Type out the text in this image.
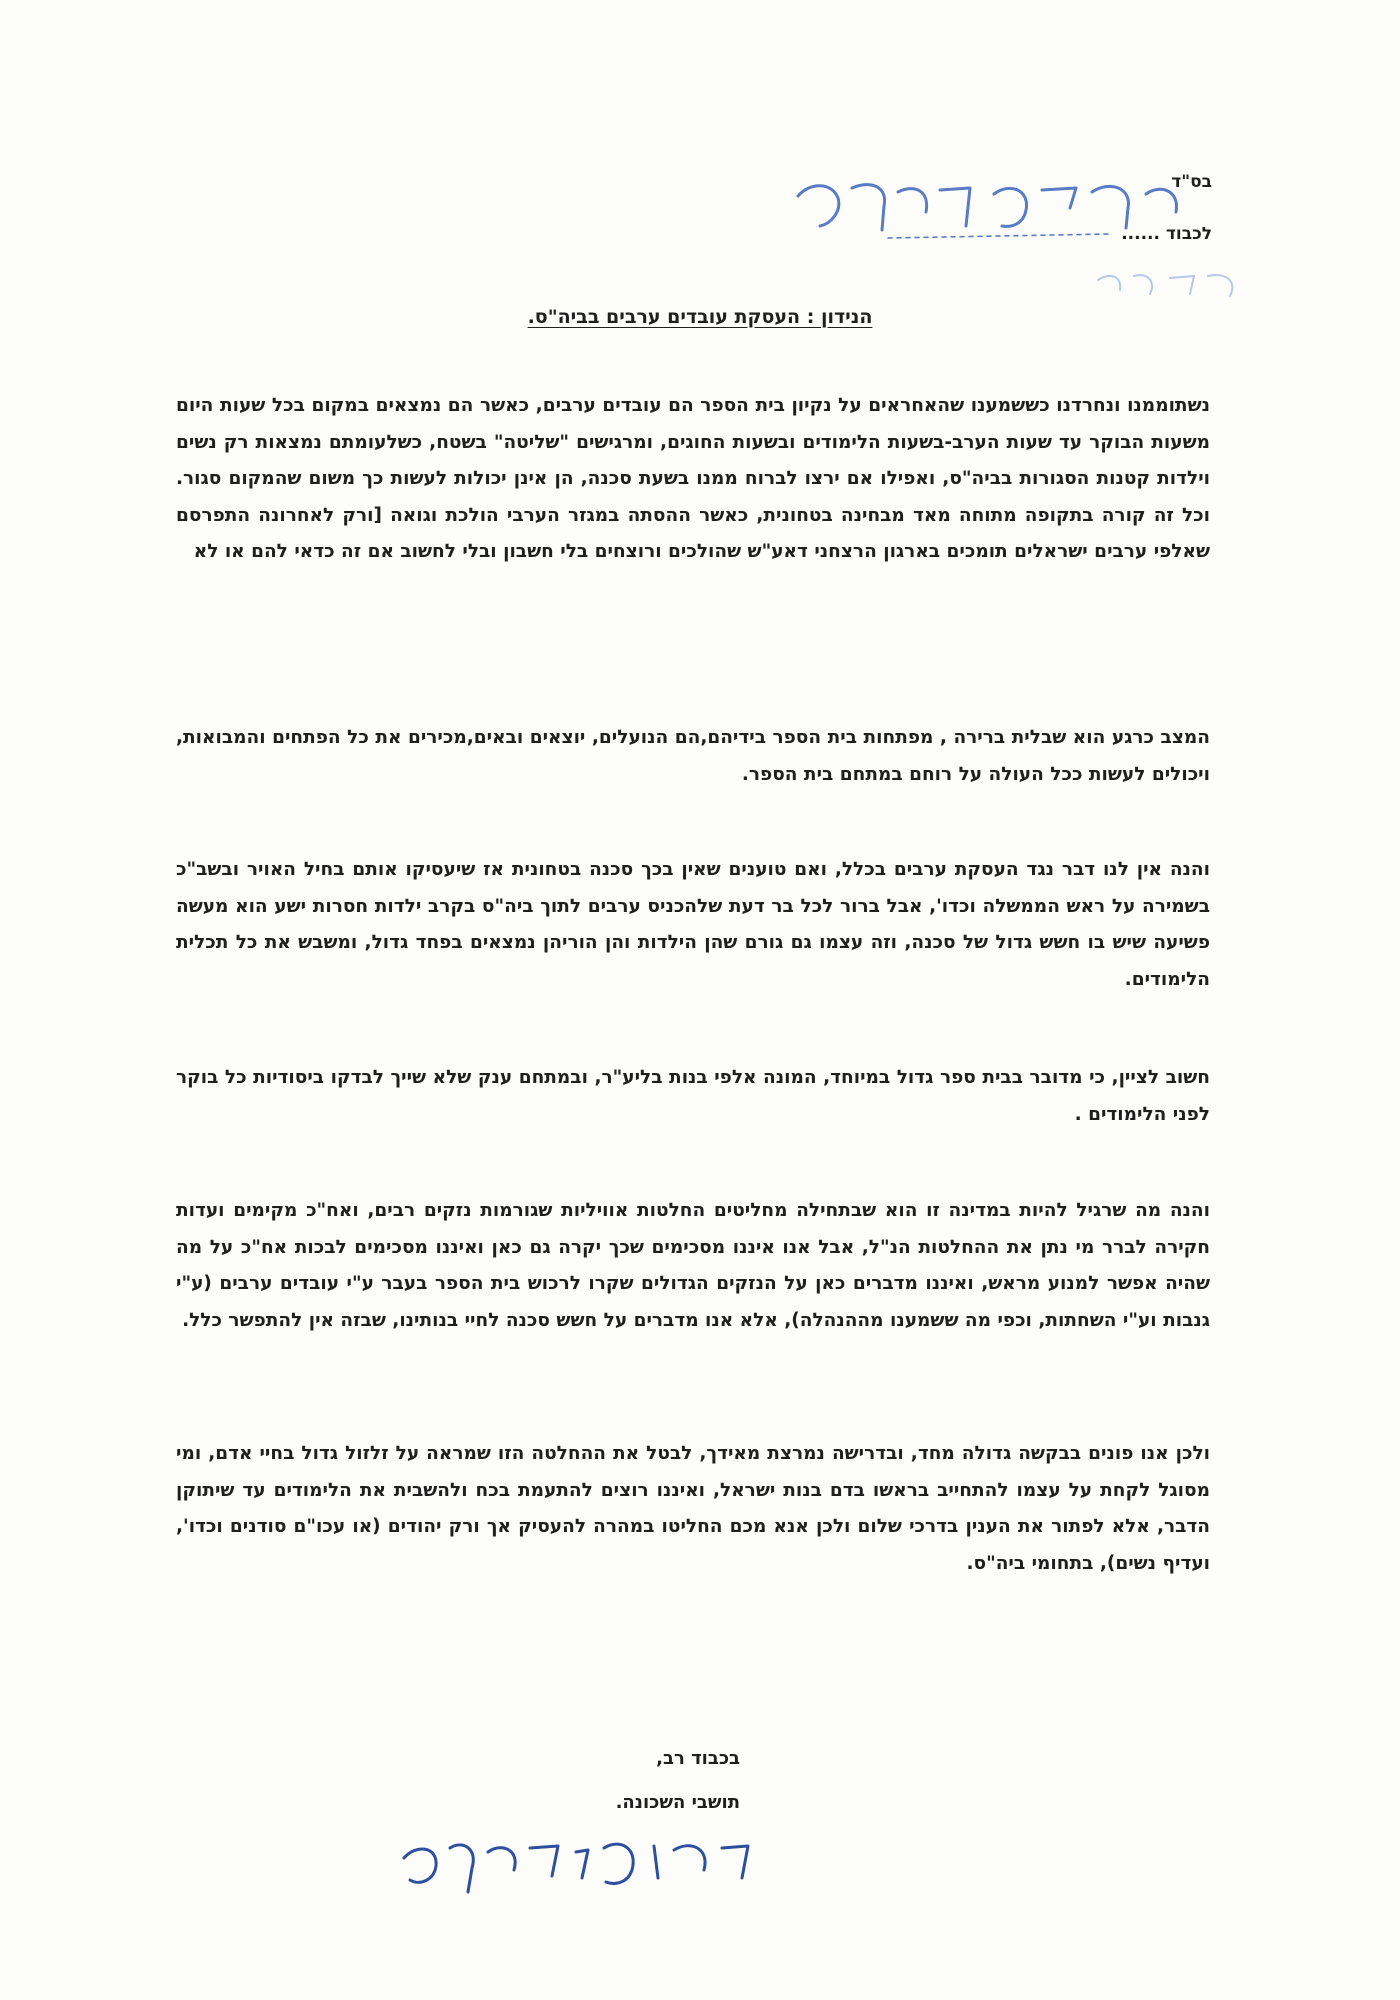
בס"ד
לכבוד ......
הנידון : העסקת עובדים ערבים בביה"ס.
נשתוממנו ונחרדנו כששמענו שהאחראים על נקיון בית הספר הם עובדים ערבים, כאשר הם נמצאים במקום בכל שעות היום משעות הבוקר עד שעות הערב-בשעות הלימודים ובשעות החוגים, ומרגישים "שליטה" בשטח, כשלעומתם נמצאות רק נשים וילדות קטנות הסגורות בביה"ס, ואפילו אם ירצו לברוח ממנו בשעת סכנה, הן אינן יכולות לעשות כך משום שהמקום סגור. וכל זה קורה בתקופה מתוחה מאד מבחינה בטחונית, כאשר ההסתה במגזר הערבי הולכת וגואה [ורק לאחרונה התפרסם שאלפי ערבים ישראלים תומכים בארגון הרצחני דאע"ש שהולכים ורוצחים בלי חשבון ובלי לחשוב אם זה כדאי להם או לא
המצב כרגע הוא שבלית ברירה , מפתחות בית הספר בידיהם,הם הנועלים, יוצאים ובאים,מכירים את כל הפתחים והמבואות, ויכולים לעשות ככל העולה על רוחם במתחם בית הספר.
והנה אין לנו דבר נגד העסקת ערבים בכלל, ואם טוענים שאין בכך סכנה בטחונית אז שיעסיקו אותם בחיל האויר ובשב"כ בשמירה על ראש הממשלה וכדו', אבל ברור לכל בר דעת שלהכניס ערבים לתוך ביה"ס בקרב ילדות חסרות ישע הוא מעשה פשיעה שיש בו חשש גדול של סכנה, וזה עצמו גם גורם שהן הילדות והן הוריהן נמצאים בפחד גדול, ומשבש את כל תכלית הלימודים.
חשוב לציין, כי מדובר בבית ספר גדול במיוחד, המונה אלפי בנות בליע"ר, ובמתחם ענק שלא שייך לבדקו ביסודיות כל בוקר לפני הלימודים .
והנה מה שרגיל להיות במדינה זו הוא שבתחילה מחליטים החלטות אוויליות שגורמות נזקים רבים, ואח"כ מקימים ועדות חקירה לברר מי נתן את ההחלטות הנ"ל, אבל אנו איננו מסכימים שכך יקרה גם כאן ואיננו מסכימים לבכות אח"כ על מה שהיה אפשר למנוע מראש, ואיננו מדברים כאן על הנזקים הגדולים שקרו לרכוש בית הספר בעבר ע"י עובדים ערבים (ע"י גנבות וע"י השחתות, וכפי מה ששמענו מההנהלה), אלא אנו מדברים על חשש סכנה לחיי בנותינו, שבזה אין להתפשר כלל.
ולכן אנו פונים בבקשה גדולה מחד, ובדרישה נמרצת מאידך, לבטל את ההחלטה הזו שמראה על זלזול גדול בחיי אדם, ומי מסוגל לקחת על עצמו להתחייב בראשו בדם בנות ישראל, ואיננו רוצים להתעמת בכח ולהשבית את הלימודים עד שיתוקן הדבר, אלא לפתור את הענין בדרכי שלום ולכן אנא מכם החליטו במהרה להעסיק אך ורק יהודים (או עכו"ם סודנים וכדו', ועדיף נשים), בתחומי ביה"ס.
בכבוד רב,
תושבי השכונה.
